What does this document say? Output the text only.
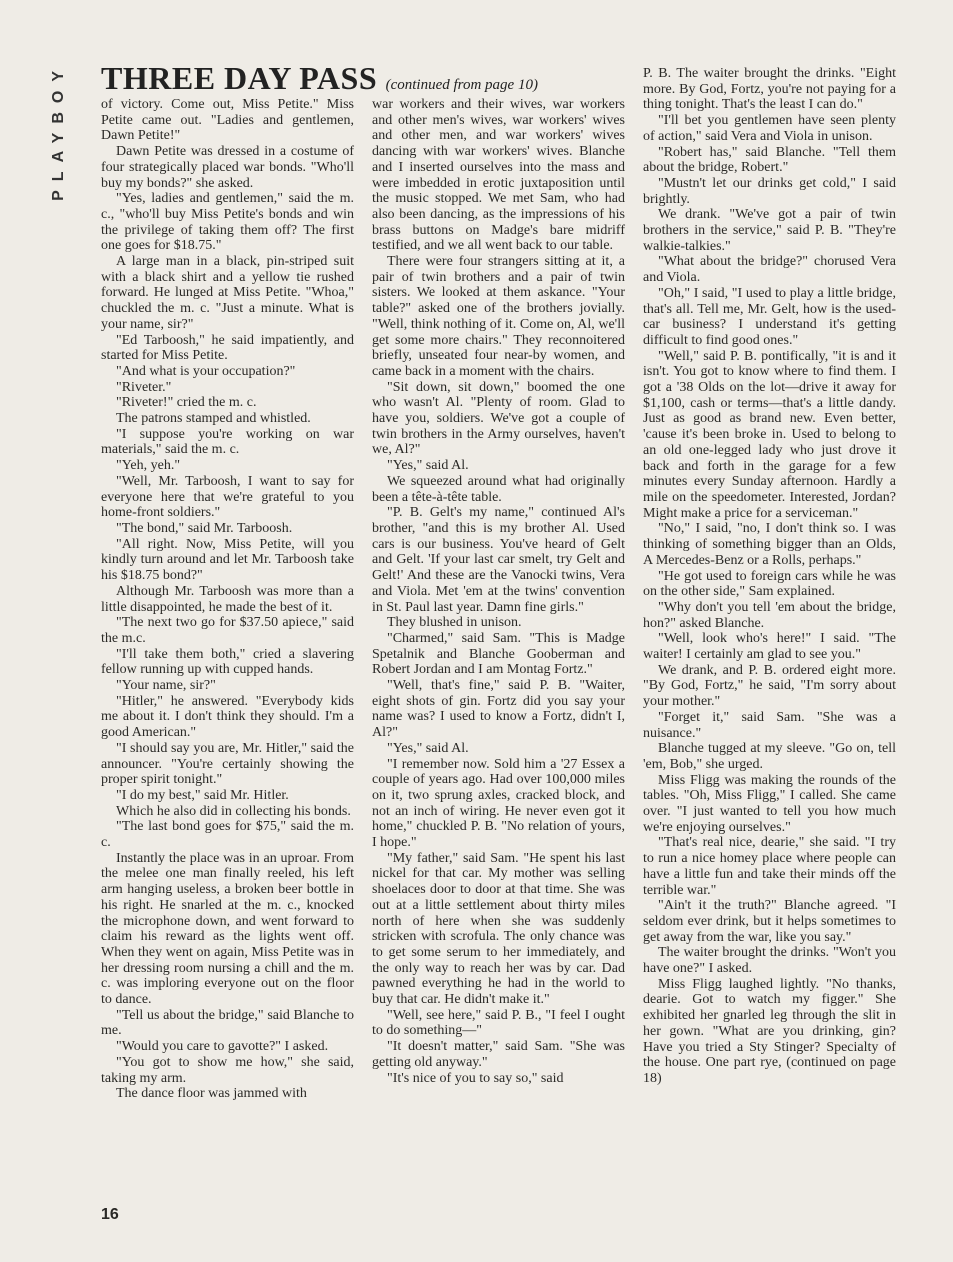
PLAYBOY THREE DAY PASS (continued from page 10)

of victory. Come out, Miss Petite." Miss Petite came out. "Ladies and gentlemen, Dawn Petite!"

Dawn Petite was dressed in a costume of four strategically placed war bonds. "Who'll buy my bonds?" she asked.

"Yes, ladies and gentlemen," said the m. c., "who'll buy Miss Petite's bonds and win the privilege of taking them off? The first one goes for $18.75."

A large man in a black, pin-striped suit with a black shirt and a yellow tie rushed forward. He lunged at Miss Petite. "Whoa," chuckled the m. c. "Just a minute. What is your name, sir?"

"Ed Tarboosh," he said impatiently, and started for Miss Petite.

"And what is your occupation?"

"Riveter."

"Riveter!" cried the m. c.

The patrons stamped and whistled.

"I suppose you're working on war materials," said the m. c.

"Yeh, yeh."

"Well, Mr. Tarboosh, I want to say for everyone here that we're grateful to you home-front soldiers."

"The bond," said Mr. Tarboosh.

"All right. Now, Miss Petite, will you kindly turn around and let Mr. Tarboosh take his $18.75 bond?"

Although Mr. Tarboosh was more than a little disappointed, he made the best of it.

"The next two go for $37.50 apiece," said the m.c.

"I'll take them both," cried a slavering fellow running up with cupped hands.

"Your name, sir?"

"Hitler," he answered. "Everybody kids me about it. I don't think they should. I'm a good American."

"I should say you are, Mr. Hitler," said the announcer. "You're certainly showing the proper spirit tonight."

"I do my best," said Mr. Hitler.

Which he also did in collecting his bonds.

"The last bond goes for $75," said the m. c.

Instantly the place was in an uproar. From the melee one man finally reeled, his left arm hanging useless, a broken beer bottle in his right. He snarled at the m. c., knocked the microphone down, and went forward to claim his reward as the lights went off. When they went on again, Miss Petite was in her dressing room nursing a chill and the m. c. was imploring everyone out on the floor to dance.

"Tell us about the bridge," said Blanche to me.

"Would you care to gavotte?" I asked.

"You got to show me how," she said, taking my arm.

The dance floor was jammed with

war workers and their wives, war workers and other men's wives, war workers' wives and other men, and war workers' wives dancing with war workers' wives. Blanche and I inserted ourselves into the mass and were imbedded in erotic juxtaposition until the music stopped. We met Sam, who had also been dancing, as the impressions of his brass buttons on Madge's bare midriff testified, and we all went back to our table.

There were four strangers sitting at it, a pair of twin brothers and a pair of twin sisters. We looked at them askance. "Your table?" asked one of the brothers jovially. "Well, think nothing of it. Come on, Al, we'll get some more chairs." They reconnoitered briefly, unseated four near-by women, and came back in a moment with the chairs.

"Sit down, sit down," boomed the one who wasn't Al. "Plenty of room. Glad to have you, soldiers. We've got a couple of twin brothers in the Army ourselves, haven't we, Al?"

"Yes," said Al.

We squeezed around what had originally been a tête-à-tête table.

"P. B. Gelt's my name," continued Al's brother, "and this is my brother Al. Used cars is our business. You've heard of Gelt and Gelt. 'If your last car smelt, try Gelt and Gelt!' And these are the Vanocki twins, Vera and Viola. Met 'em at the twins' convention in St. Paul last year. Damn fine girls."

They blushed in unison.

"Charmed," said Sam. "This is Madge Spetalnik and Blanche Gooberman and Robert Jordan and I am Montag Fortz."

"Well, that's fine," said P. B. "Waiter, eight shots of gin. Fortz did you say your name was? I used to know a Fortz, didn't I, Al?"

"Yes," said Al.

"I remember now. Sold him a '27 Essex a couple of years ago. Had over 100,000 miles on it, two sprung axles, cracked block, and not an inch of wiring. He never even got it home," chuckled P. B. "No relation of yours, I hope."

"My father," said Sam. "He spent his last nickel for that car. My mother was selling shoelaces door to door at that time. She was out at a little settlement about thirty miles north of here when she was suddenly stricken with scrofula. The only chance was to get some serum to her immediately, and the only way to reach her was by car. Dad pawned everything he had in the world to buy that car. He didn't make it."

"Well, see here," said P. B., "I feel I ought to do something—"

"It doesn't matter," said Sam. "She was getting old anyway."

"It's nice of you to say so," said

P. B. The waiter brought the drinks. "Eight more. By God, Fortz, you're not paying for a thing tonight. That's the least I can do."

"I'll bet you gentlemen have seen plenty of action," said Vera and Viola in unison.

"Robert has," said Blanche. "Tell them about the bridge, Robert."

"Mustn't let our drinks get cold," I said brightly.

We drank. "We've got a pair of twin brothers in the service," said P. B. "They're walkie-talkies."

"What about the bridge?" chorused Vera and Viola.

"Oh," I said, "I used to play a little bridge, that's all. Tell me, Mr. Gelt, how is the used-car business? I understand it's getting difficult to find good ones."

"Well," said P. B. pontifically, "it is and it isn't. You got to know where to find them. I got a '38 Olds on the lot—drive it away for $1,100, cash or terms—that's a little dandy. Just as good as brand new. Even better, 'cause it's been broke in. Used to belong to an old one-legged lady who just drove it back and forth in the garage for a few minutes every Sunday afternoon. Hardly a mile on the speedometer. Interested, Jordan? Might make a price for a serviceman."

"No," I said, "no, I don't think so. I was thinking of something bigger than an Olds, A Mercedes-Benz or a Rolls, perhaps."

"He got used to foreign cars while he was on the other side," Sam explained.

"Why don't you tell 'em about the bridge, hon?" asked Blanche.

"Well, look who's here!" I said. "The waiter! I certainly am glad to see you."

We drank, and P. B. ordered eight more. "By God, Fortz," he said, "I'm sorry about your mother."

"Forget it," said Sam. "She was a nuisance."

Blanche tugged at my sleeve. "Go on, tell 'em, Bob," she urged.

Miss Fligg was making the rounds of the tables. "Oh, Miss Fligg," I called. She came over. "I just wanted to tell you how much we're enjoying ourselves."

"That's real nice, dearie," she said. "I try to run a nice homey place where people can have a little fun and take their minds off the terrible war."

"Ain't it the truth?" Blanche agreed. "I seldom ever drink, but it helps sometimes to get away from the war, like you say."

The waiter brought the drinks. "Won't you have one?" I asked.

Miss Fligg laughed lightly. "No thanks, dearie. Got to watch my figger." She exhibited her gnarled leg through the slit in her gown. "What are you drinking, gin? Have you tried a Sty Stinger? Specialty of the house. One part rye, (continued on page 18)

16
